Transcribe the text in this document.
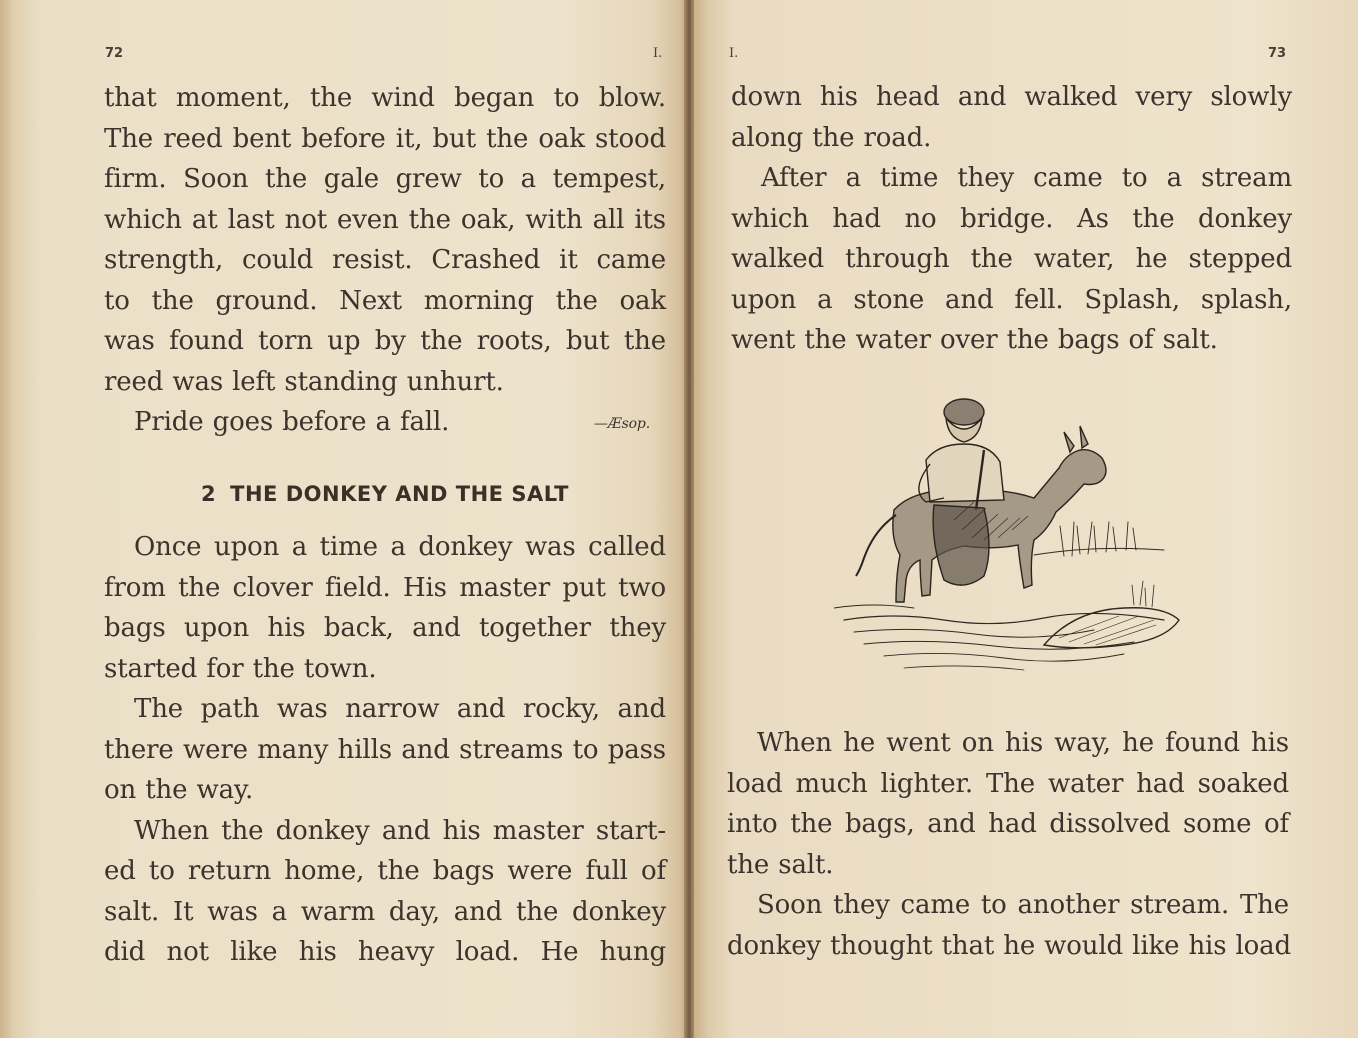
72	I.
that moment, the wind began to blow.
The reed bent before it, but the oak stood
firm. Soon the gale grew to a tempest,
which at last not even the oak, with all its
strength, could resist. Crashed it came
to the ground. Next morning the oak
was found torn up by the roots, but the
reed was left standing unhurt.
Pride goes before a fall.	—Æsop.
2 THE DONKEY AND THE SALT
Once upon a time a donkey was called
from the clover field. His master put two
bags upon his back, and together they
started for the town.
The path was narrow and rocky, and
there were many hills and streams to pass
on the way.
When the donkey and his master start-
ed to return home, the bags were full of
salt. It was a warm day, and the donkey
did not like his heavy load. He hung
I.	73
down his head and walked very slowly
along the road.
After a time they came to a stream
which had no bridge. As the donkey
walked through the water, he stepped
upon a stone and fell. Splash, splash,
went the water over the bags of salt.
When he went on his way, he found his
load much lighter. The water had soaked
into the bags, and had dissolved some of
the salt.
Soon they came to another stream. The
donkey thought that he would like his load
